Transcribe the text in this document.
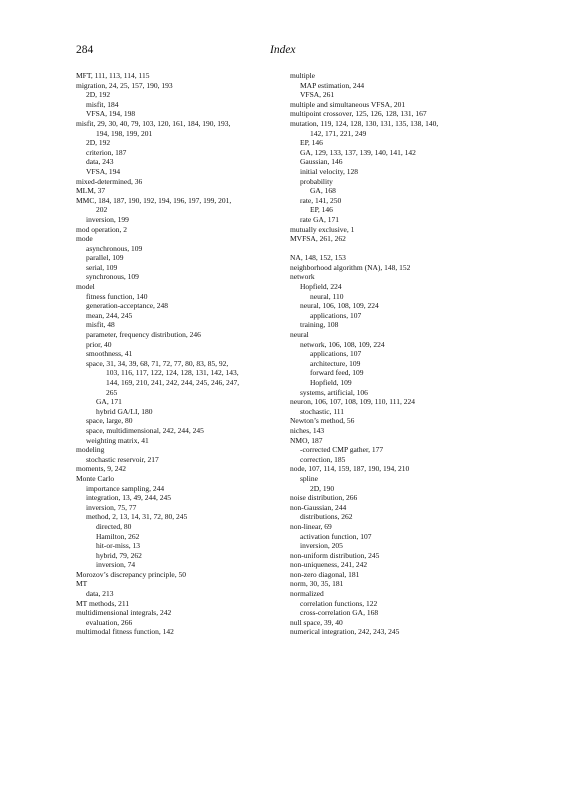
284	Index
MFT, 111, 113, 114, 115
migration, 24, 25, 157, 190, 193
2D, 192
misfit, 184
VFSA, 194, 198
misfit, 29, 30, 40, 79, 103, 120, 161, 184, 190, 193,
194, 198, 199, 201
2D, 192
criterion, 187
data, 243
VFSA, 194
mixed-determined, 36
MLM, 37
MMC, 184, 187, 190, 192, 194, 196, 197, 199, 201,
202
inversion, 199
mod operation, 2
mode
asynchronous, 109
parallel, 109
serial, 109
synchronous, 109
model
fitness function, 140
generation-acceptance, 248
mean, 244, 245
misfit, 48
parameter, frequency distribution, 246
prior, 40
smoothness, 41
space, 31, 34, 39, 68, 71, 72, 77, 80, 83, 85, 92,
103, 116, 117, 122, 124, 128, 131, 142, 143,
144, 169, 210, 241, 242, 244, 245, 246, 247,
265
GA, 171
hybrid GA/LI, 180
space, large, 80
space, multidimensional, 242, 244, 245
weighting matrix, 41
modeling
stochastic reservoir, 217
moments, 9, 242
Monte Carlo
importance sampling, 244
integration, 13, 49, 244, 245
inversion, 75, 77
method, 2, 13, 14, 31, 72, 80, 245
directed, 80
Hamilton, 262
hit-or-miss, 13
hybrid, 79, 262
inversion, 74
Morozov’s discrepancy principle, 50
MT
data, 213
MT methods, 211
multidimensional integrals, 242
evaluation, 266
multimodal fitness function, 142
multiple
MAP estimation, 244
VFSA, 261
multiple and simultaneous VFSA, 201
multipoint crossover, 125, 126, 128, 131, 167
mutation, 119, 124, 128, 130, 131, 135, 138, 140,
142, 171, 221, 249
EP, 146
GA, 129, 133, 137, 139, 140, 141, 142
Gaussian, 146
initial velocity, 128
probability
GA, 168
rate, 141, 250
EP, 146
rate GA, 171
mutually exclusive, 1
MVFSA, 261, 262
NA, 148, 152, 153
neighborhood algorithm (NA), 148, 152
network
Hopfield, 224
neural, 110
neural, 106, 108, 109, 224
applications, 107
training, 108
neural
network, 106, 108, 109, 224
applications, 107
architecture, 109
forward feed, 109
Hopfield, 109
systems, artificial, 106
neuron, 106, 107, 108, 109, 110, 111, 224
stochastic, 111
Newton’s method, 56
niches, 143
NMO, 187
-corrected CMP gather, 177
correction, 185
node, 107, 114, 159, 187, 190, 194, 210
spline
2D, 190
noise distribution, 266
non-Gaussian, 244
distributions, 262
non-linear, 69
activation function, 107
inversion, 205
non-uniform distribution, 245
non-uniqueness, 241, 242
non-zero diagonal, 181
norm, 30, 35, 181
normalized
correlation functions, 122
cross-correlation GA, 168
null space, 39, 40
numerical integration, 242, 243, 245
